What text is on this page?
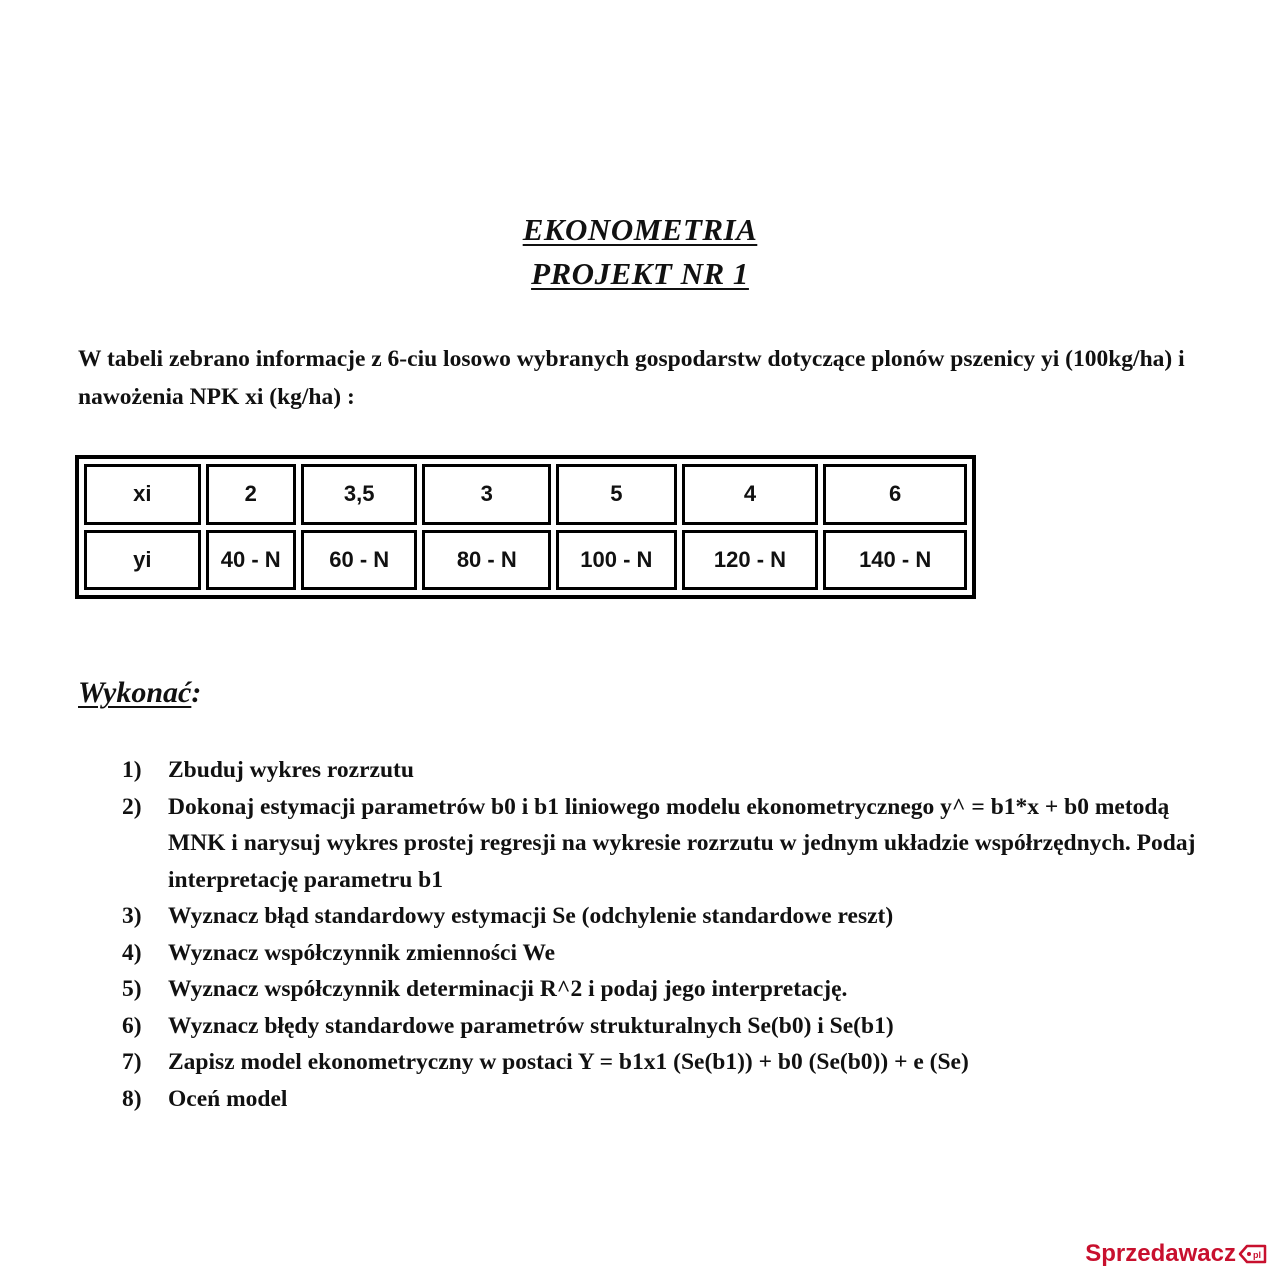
EKONOMETRIA
PROJEKT NR 1
W tabeli zebrano informacje z 6-ciu losowo wybranych gospodarstw dotyczące plonów pszenicy yi (100kg/ha) i nawożenia NPK xi (kg/ha) :
xi	2	3,5	3	5	4	6
yi	40 - N	60 - N	80 - N	100 - N	120 - N	140 - N
Wykonać:
1)	Zbuduj wykres rozrzutu
2)	Dokonaj estymacji parametrów b0 i b1 liniowego modelu ekonometrycznego y^ = b1*x + b0 metodą MNK i narysuj wykres prostej regresji na wykresie rozrzutu w jednym układzie współrzędnych. Podaj interpretację parametru b1
3)	Wyznacz błąd standardowy estymacji Se (odchylenie standardowe reszt)
4)	Wyznacz współczynnik zmienności We
5)	Wyznacz współczynnik determinacji R^2 i podaj jego interpretację.
6)	Wyznacz błędy standardowe parametrów strukturalnych Se(b0) i Se(b1)
7)	Zapisz model ekonometryczny w postaci Y = b1x1 (Se(b1)) + b0 (Se(b0)) + e (Se)
8)	Oceń model
Sprzedawacz pl
